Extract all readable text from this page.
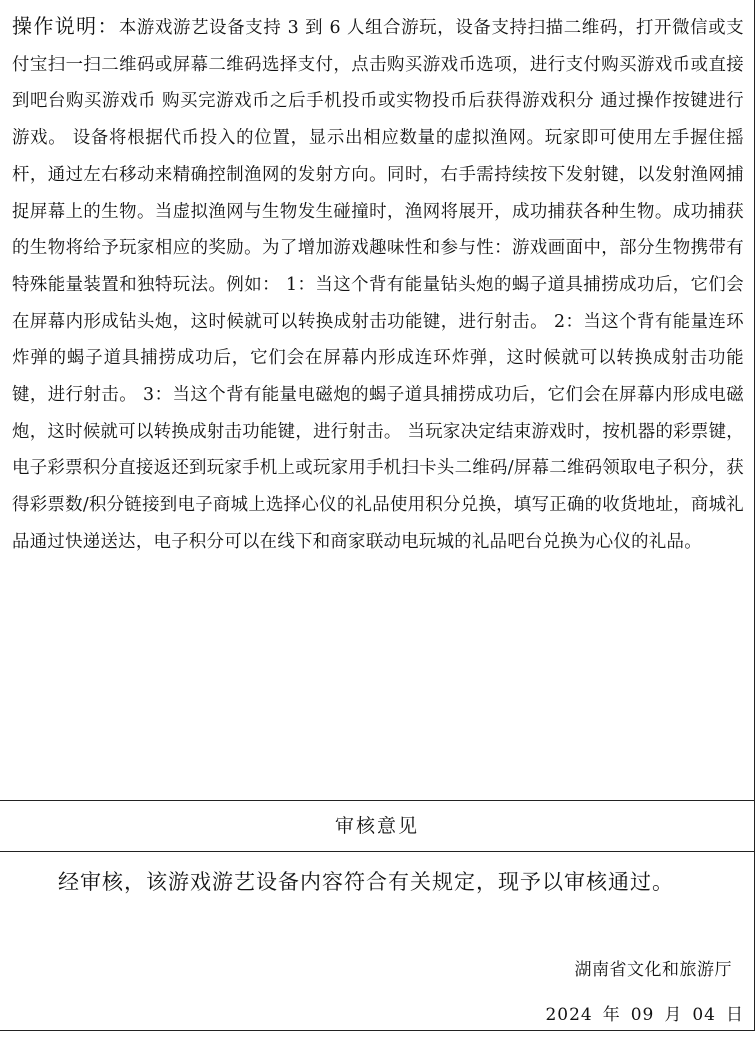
操作说明：本游戏游艺设备支持 3 到 6 人组合游玩，设备支持扫描二维码，打开微信或支付宝扫一扫二维码或屏幕二维码选择支付，点击购买游戏币选项，进行支付购买游戏币或直接到吧台购买游戏币 购买完游戏币之后手机投币或实物投币后获得游戏积分 通过操作按键进行游戏。 设备将根据代币投入的位置，显示出相应数量的虚拟渔网。玩家即可使用左手握住摇杆，通过左右移动来精确控制渔网的发射方向。同时，右手需持续按下发射键，以发射渔网捕捉屏幕上的生物。当虚拟渔网与生物发生碰撞时，渔网将展开，成功捕获各种生物。成功捕获的生物将给予玩家相应的奖励。为了增加游戏趣味性和参与性：游戏画面中，部分生物携带有特殊能量装置和独特玩法。例如： 1：当这个背有能量钻头炮的蝎子道具捕捞成功后，它们会在屏幕内形成钻头炮，这时候就可以转换成射击功能键，进行射击。 2：当这个背有能量连环炸弹的蝎子道具捕捞成功后，它们会在屏幕内形成连环炸弹，这时候就可以转换成射击功能键，进行射击。 3：当这个背有能量电磁炮的蝎子道具捕捞成功后，它们会在屏幕内形成电磁炮，这时候就可以转换成射击功能键，进行射击。 当玩家决定结束游戏时，按机器的彩票键，电子彩票积分直接返还到玩家手机上或玩家用手机扫卡头二维码/屏幕二维码领取电子积分，获得彩票数/积分链接到电子商城上选择心仪的礼品使用积分兑换，填写正确的收货地址，商城礼品通过快递送达，电子积分可以在线下和商家联动电玩城的礼品吧台兑换为心仪的礼品。

审核意见
经审核，该游戏游艺设备内容符合有关规定，现予以审核通过。
湖南省文化和旅游厅
2024 年 09 月 04 日
